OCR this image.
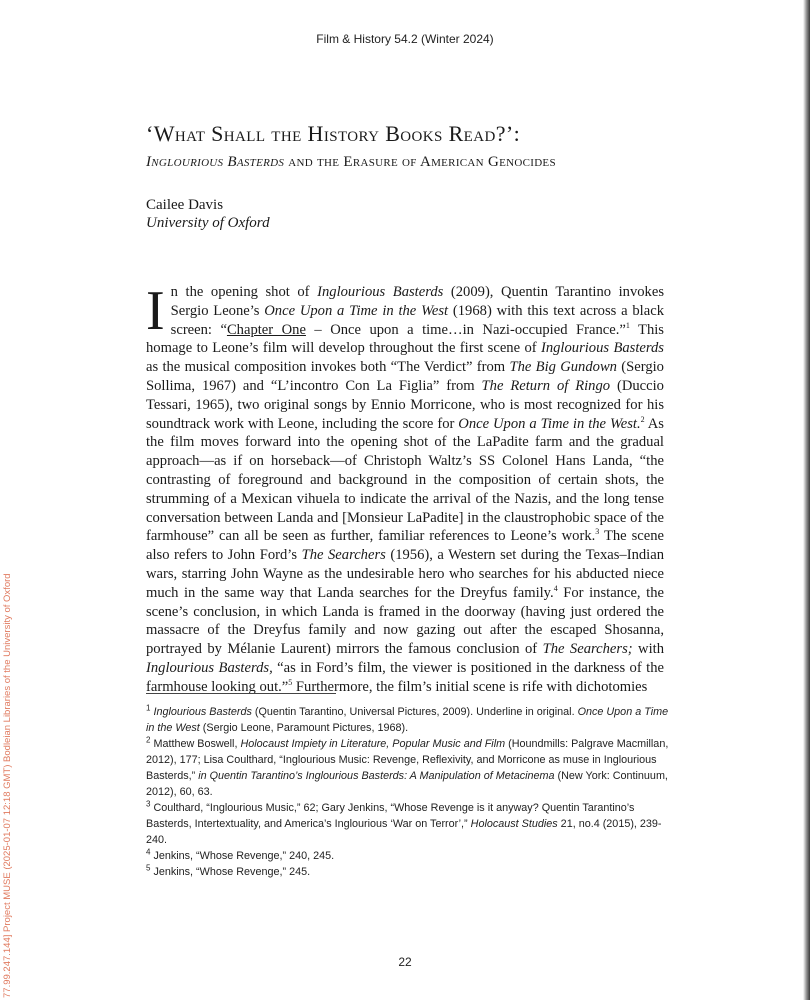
Film & History 54.2 (Winter 2024)
‘What Shall the History Books Read?’:
Inglourious Basterds and the Erasure of American Genocides
Cailee Davis
University of Oxford
In the opening shot of Inglourious Basterds (2009), Quentin Tarantino invokes Sergio Leone’s Once Upon a Time in the West (1968) with this text across a black screen: “Chapter One – Once upon a time…in Nazi-occupied France.”$^1$ This homage to Leone’s film will develop throughout the first scene of Inglourious Basterds as the musical composition invokes both “The Verdict” from The Big Gundown (Sergio Sollima, 1967) and “L’incontro Con La Figlia” from The Return of Ringo (Duccio Tessari, 1965), two original songs by Ennio Morricone, who is most recognized for his soundtrack work with Leone, including the score for Once Upon a Time in the West.$^2$ As the film moves forward into the opening shot of the LaPadite farm and the gradual approach—as if on horseback—of Christoph Waltz’s SS Colonel Hans Landa, “the contrasting of foreground and background in the composition of certain shots, the strumming of a Mexican vihuela to indicate the arrival of the Nazis, and the long tense conversation between Landa and [Monsieur LaPadite] in the claustrophobic space of the farmhouse” can all be seen as further, familiar references to Leone’s work.$^3$ The scene also refers to John Ford’s The Searchers (1956), a Western set during the Texas–Indian wars, starring John Wayne as the undesirable hero who searches for his abducted niece much in the same way that Landa searches for the Dreyfus family.$^4$ For instance, the scene’s conclusion, in which Landa is framed in the doorway (having just ordered the massacre of the Dreyfus family and now gazing out after the escaped Shosanna, portrayed by Mélanie Laurent) mirrors the famous conclusion of The Searchers; with Inglourious Basterds, “as in Ford’s film, the viewer is positioned in the darkness of the farmhouse looking out.”$^5$ Furthermore, the film’s initial scene is rife with dichotomies

$^1$ Inglourious Basterds (Quentin Tarantino, Universal Pictures, 2009). Underline in original. Once Upon a Time in the West (Sergio Leone, Paramount Pictures, 1968).

$^2$ Matthew Boswell, Holocaust Impiety in Literature, Popular Music and Film (Houndmills: Palgrave Macmillan, 2012), 177; Lisa Coulthard, “Inglourious Music: Revenge, Reflexivity, and Morricone as muse in Inglourious Basterds,” in Quentin Tarantino’s Inglourious Basterds: A Manipulation of Metacinema (New York: Continuum, 2012), 60, 63.

$^3$ Coulthard, “Inglourious Music,” 62; Gary Jenkins, “Whose Revenge is it anyway? Quentin Tarantino’s Basterds, Intertextuality, and America’s Inglourious ‘War on Terror’,” Holocaust Studies 21, no.4 (2015), 239-240.

$^4$ Jenkins, “Whose Revenge,” 240, 245.

$^5$ Jenkins, “Whose Revenge,” 245.

22
77.99.247.144] Project MUSE (2025-01-07 12:18 GMT) Bodleian Libraries of the University of Oxford
